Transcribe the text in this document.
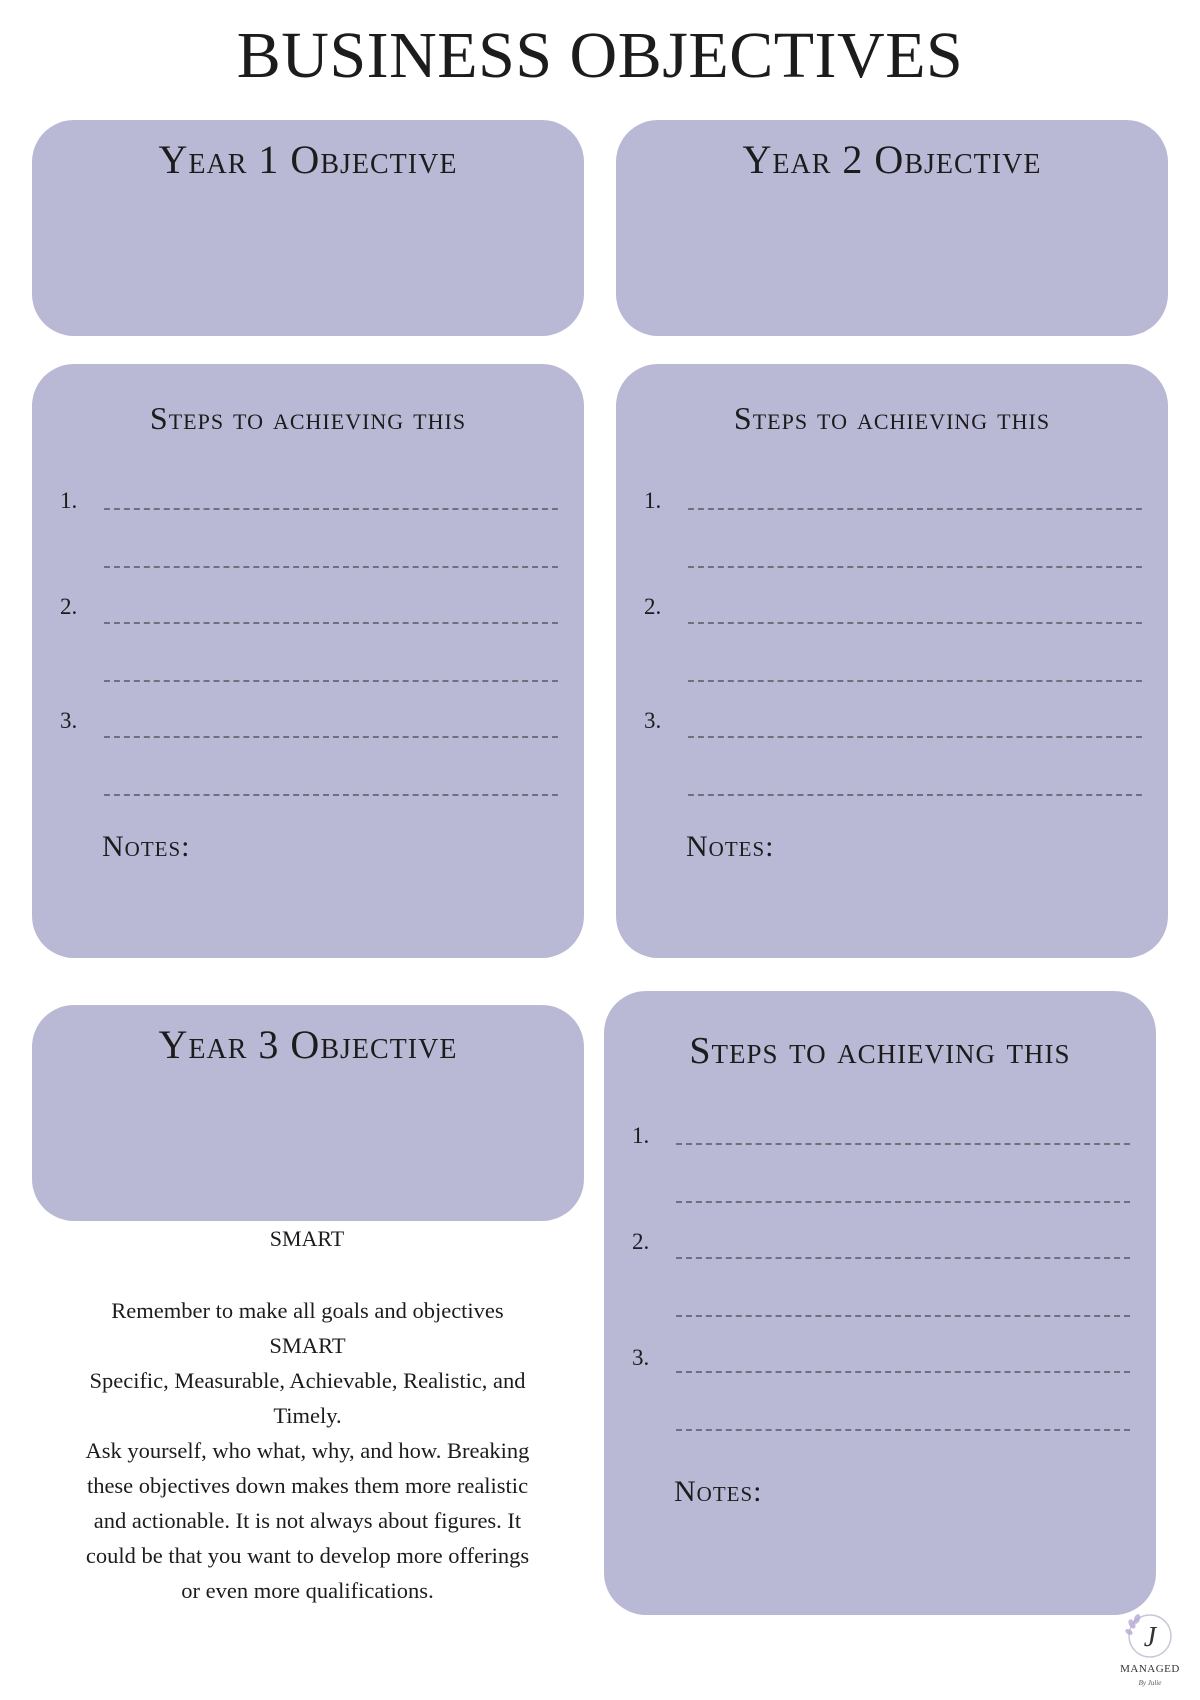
BUSINESS OBJECTIVES
Year 1 Objective	Year 2 Objective
Steps to achieving this
1.
2.
3.
Notes:
Steps to achieving this
1.
2.
3.
Notes:
Year 3 Objective	Steps to achieving this
1.
2.
3.
Notes:
SMART
Remember to make all goals and objectives
SMART
Specific, Measurable, Achievable, Realistic, and
Timely.
Ask yourself, who what, why, and how. Breaking
these objectives down makes them more realistic
and actionable. It is not always about figures. It
could be that you want to develop more offerings
or even more qualifications.
J
MANAGED
By Julie
